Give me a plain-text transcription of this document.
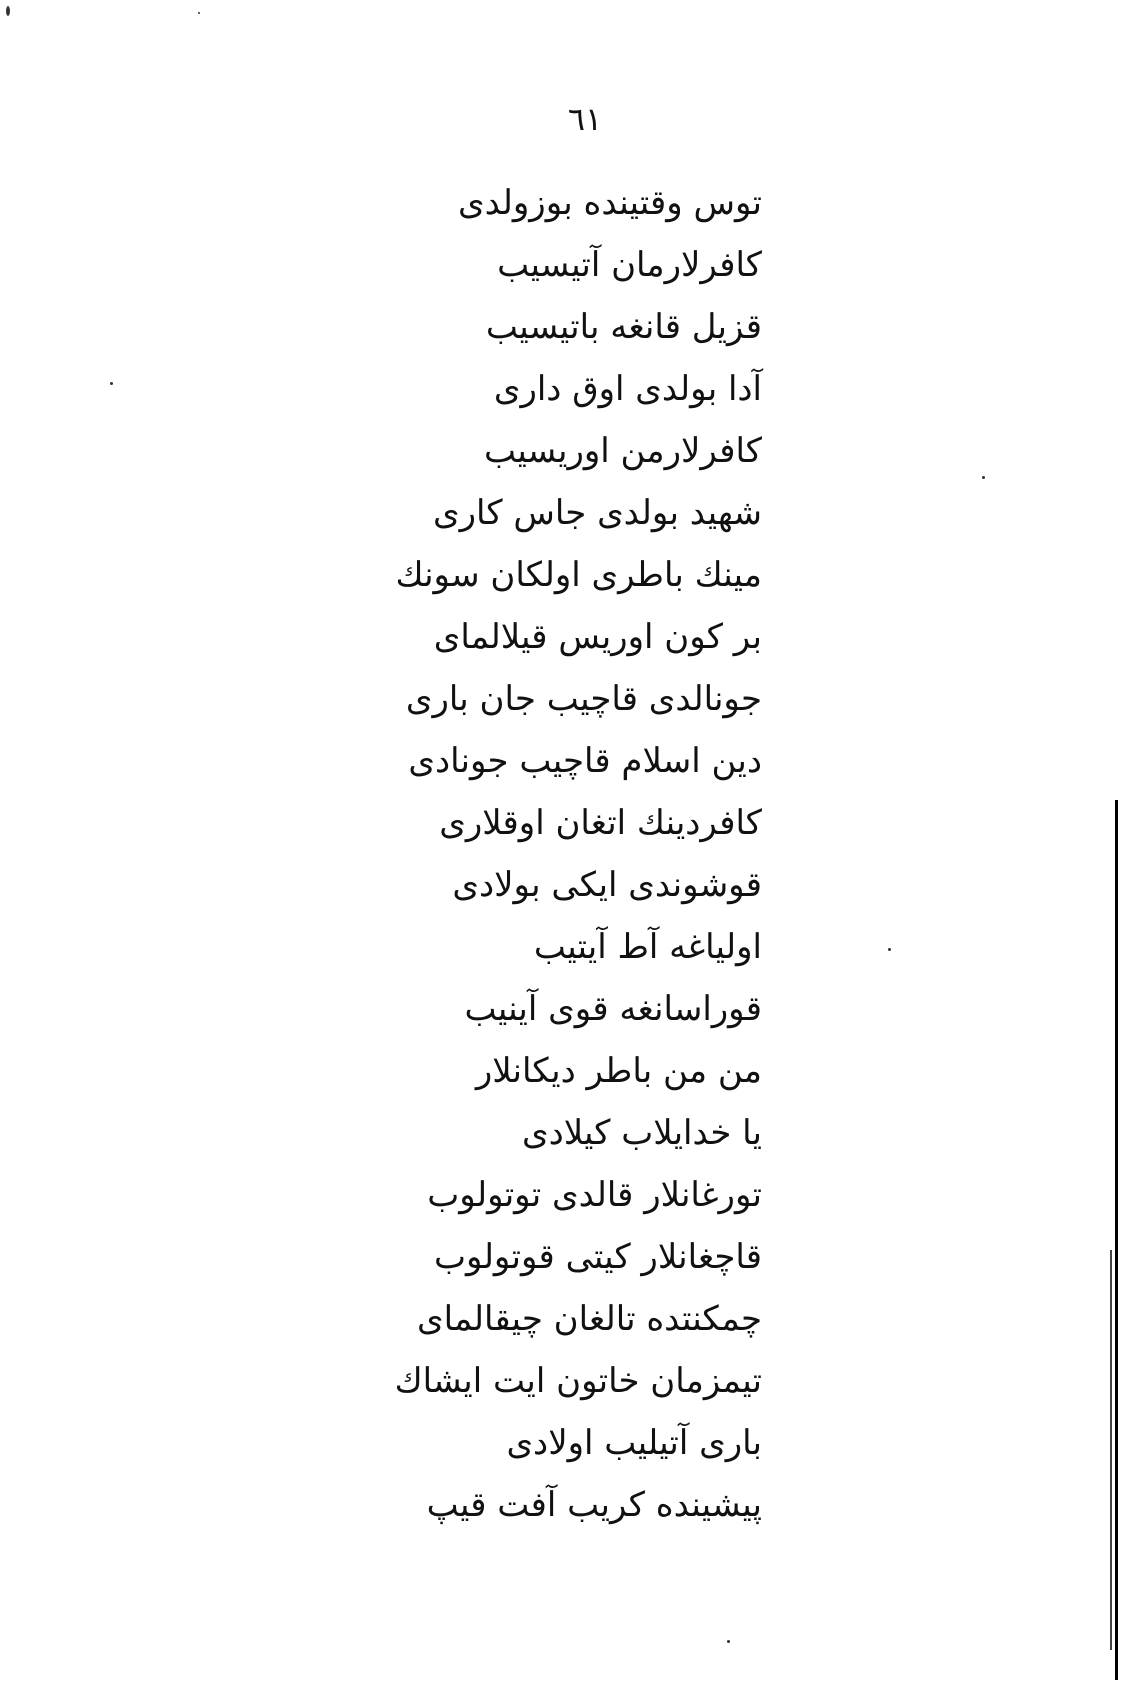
٦١
توس وقتینده بوزولدی
کافرلارمان آتیسیب
قزیل قانغه باتیسیب
آدا بولدی اوق داری
کافرلارمن اوریسیب
شهید بولدی جاس کاری
مینك باطری اولکان سونك
بر کون اوریس قیلالمای
جونالدی قاچیب جان باری
دین اسلام قاچیب جونادی
کافردینك اتغان اوقلاری
قوشوندی ایکی بولادی
اولیاغه آط آیتیب
قوراسانغه قوی آینیب
من من باطر دیکانلار
یا خدایلاب کیلادی
تورغانلار قالدی توتولوب
قاچغانلار کیتی قوتولوب
چمکنتده تالغان چیقالمای
تیمزمان خاتون ایت ایشاك
باری آتیلیب اولادی
پیشینده کریب آفت قیپ
